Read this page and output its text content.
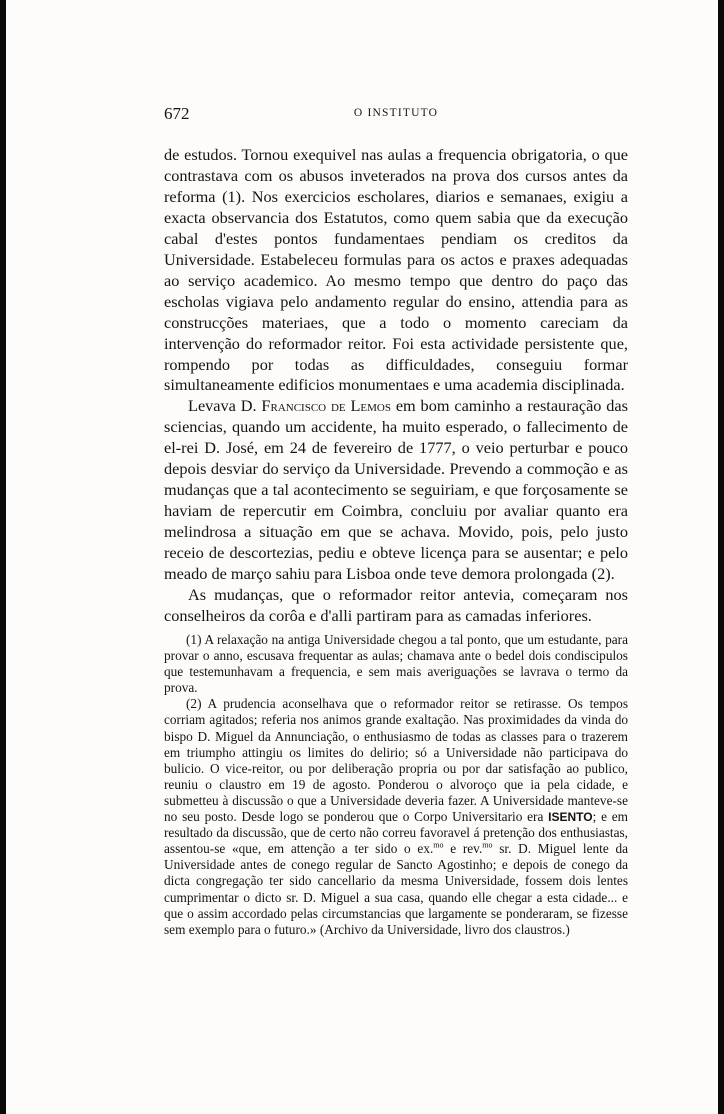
672	O INSTITUTO

de estudos. Tornou exequivel nas aulas a frequencia obrigatoria, o que contrastava com os abusos inveterados na prova dos cursos antes da reforma (1). Nos exercicios escholares, diarios e semanaes, exigiu a exacta observancia dos Estatutos, como quem sabia que da execução cabal d'estes pontos fundamentaes pendiam os creditos da Universidade. Estabeleceu formulas para os actos e praxes adequadas ao serviço academico. Ao mesmo tempo que dentro do paço das escholas vigiava pelo andamento regular do ensino, attendia para as construcções materiaes, que a todo o momento careciam da intervenção do reformador reitor. Foi esta actividade persistente que, rompendo por todas as difficuldades, conseguiu formar simultaneamente edificios monumentaes e uma academia disciplinada.

Levava D. Francisco de Lemos em bom caminho a restauração das sciencias, quando um accidente, ha muito esperado, o fallecimento de el-rei D. José, em 24 de fevereiro de 1777, o veio perturbar e pouco depois desviar do serviço da Universidade. Prevendo a commoção e as mudanças que a tal acontecimento se seguiriam, e que forçosamente se haviam de repercutir em Coimbra, concluiu por avaliar quanto era melindrosa a situação em que se achava. Movido, pois, pelo justo receio de descortezias, pediu e obteve licença para se ausentar; e pelo meado de março sahiu para Lisboa onde teve demora prolongada (2).

As mudanças, que o reformador reitor antevia, começaram nos conselheiros da corôa e d'alli partiram para as camadas inferiores.

(1) A relaxação na antiga Universidade chegou a tal ponto, que um estudante, para provar o anno, escusava frequentar as aulas; chamava ante o bedel dois condiscipulos que testemunhavam a frequencia, e sem mais averiguações se lavrava o termo da prova.

(2) A prudencia aconselhava que o reformador reitor se retirasse. Os tempos corriam agitados; referia nos animos grande exaltação. Nas proximidades da vinda do bispo D. Miguel da Annunciação, o enthusiasmo de todas as classes para o trazerem em triumpho attingiu os limites do delirio; só a Universidade não participava do bulicio. O vice-reitor, ou por deliberação propria ou por dar satisfação ao publico, reuniu o claustro em 19 de agosto. Ponderou o alvoroço que ia pela cidade, e submetteu à discussão o que a Universidade deveria fazer. A Universidade manteve-se no seu posto. Desde logo se ponderou que o Corpo Universitario era ISENTO; e em resultado da discussão, que de certo não correu favoravel á pretenção dos enthusiastas, assentou-se «que, em attenção a ter sido o ex.$^{mo}$ e rev.$^{mo}$ sr. D. Miguel lente da Universidade antes de conego regular de Sancto Agostinho; e depois de conego da dicta congregação ter sido cancellario da mesma Universidade, fossem dois lentes cumprimentar o dicto sr. D. Miguel a sua casa, quando elle chegar a esta cidade... e que o assim accordado pelas circumstancias que largamente se ponderaram, se fizesse sem exemplo para o futuro.» (Archivo da Universidade, livro dos claustros.)
